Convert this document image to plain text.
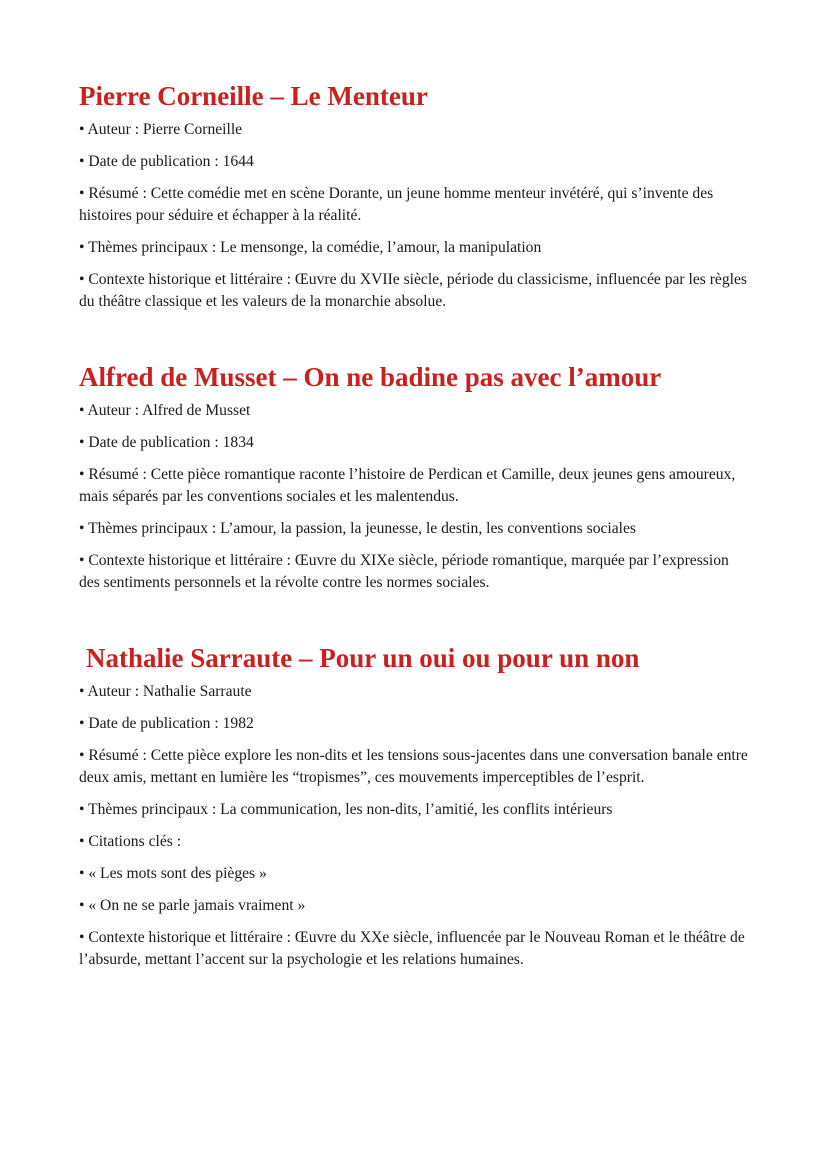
Pierre Corneille – Le Menteur

• Auteur : Pierre Corneille

• Date de publication : 1644

• Résumé : Cette comédie met en scène Dorante, un jeune homme menteur invétéré, qui s’invente des histoires pour séduire et échapper à la réalité.

• Thèmes principaux : Le mensonge, la comédie, l’amour, la manipulation

• Contexte historique et littéraire : Œuvre du XVIIe siècle, période du classicisme, influencée par les règles du théâtre classique et les valeurs de la monarchie absolue.

Alfred de Musset – On ne badine pas avec l’amour

• Auteur : Alfred de Musset

• Date de publication : 1834

• Résumé : Cette pièce romantique raconte l’histoire de Perdican et Camille, deux jeunes gens amoureux, mais séparés par les conventions sociales et les malentendus.

• Thèmes principaux : L’amour, la passion, la jeunesse, le destin, les conventions sociales

• Contexte historique et littéraire : Œuvre du XIXe siècle, période romantique, marquée par l’expression des sentiments personnels et la révolte contre les normes sociales.

Nathalie Sarraute – Pour un oui ou pour un non

• Auteur : Nathalie Sarraute

• Date de publication : 1982

• Résumé : Cette pièce explore les non-dits et les tensions sous-jacentes dans une conversation banale entre deux amis, mettant en lumière les “tropismes”, ces mouvements imperceptibles de l’esprit.

• Thèmes principaux : La communication, les non-dits, l’amitié, les conflits intérieurs

• Citations clés :

• « Les mots sont des pièges »

• « On ne se parle jamais vraiment »

• Contexte historique et littéraire : Œuvre du XXe siècle, influencée par le Nouveau Roman et le théâtre de l’absurde, mettant l’accent sur la psychologie et les relations humaines.
